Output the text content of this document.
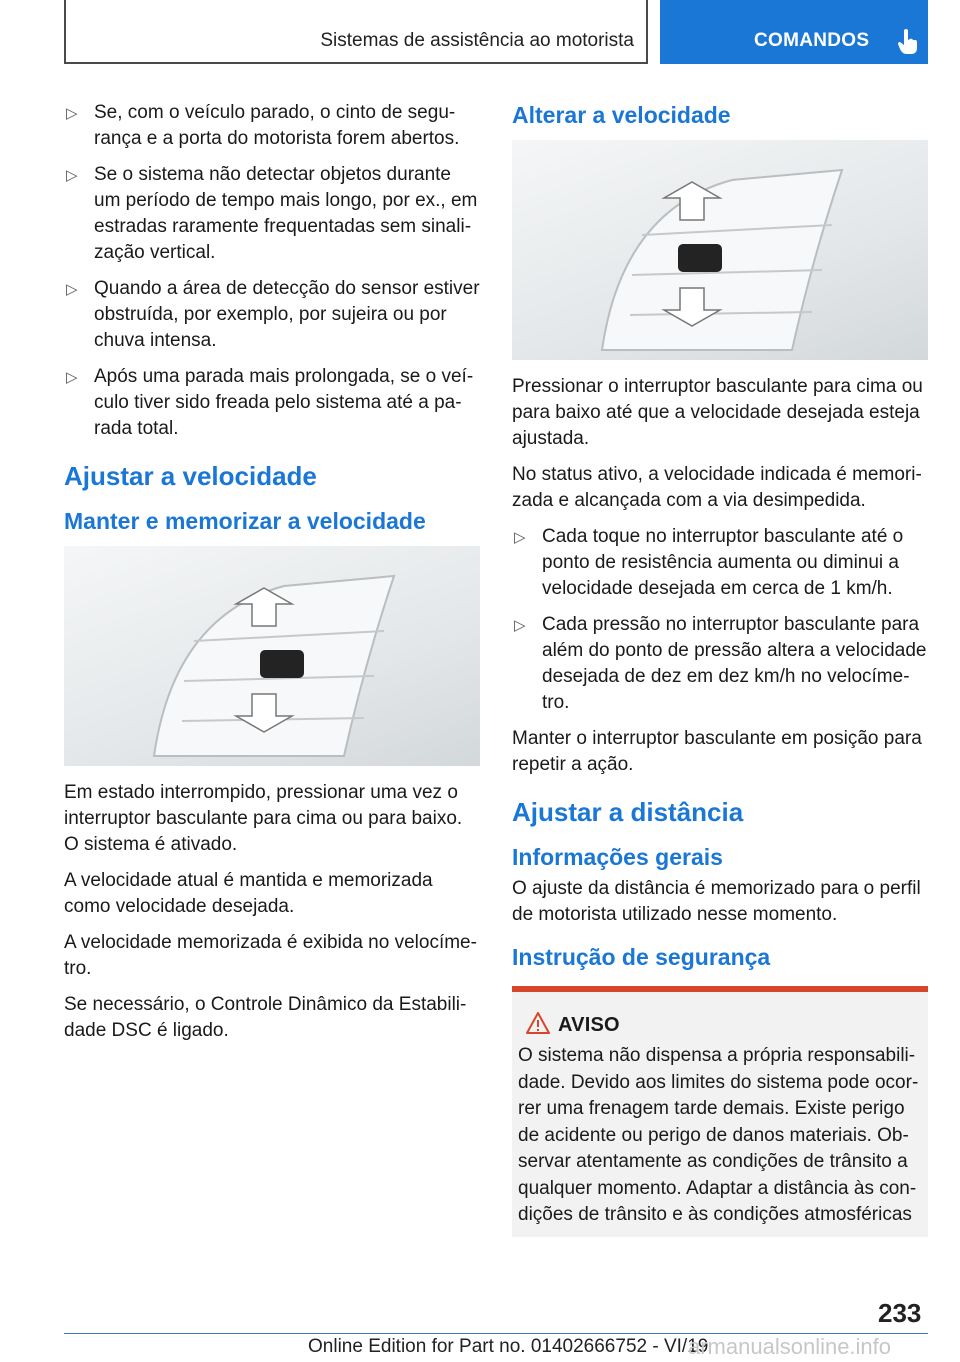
Sistemas de assistência ao motorista	COMANDOS
▷ Se, com o veículo parado, o cinto de segurança e a porta do motorista forem abertos.
▷ Se o sistema não detectar objetos durante um período de tempo mais longo, por ex., em estradas raramente frequentadas sem sinalização vertical.
▷ Quando a área de detecção do sensor estiver obstruída, por exemplo, por sujeira ou por chuva intensa.
▷ Após uma parada mais prolongada, se o veículo tiver sido freada pelo sistema até a parada total.
Ajustar a velocidade
Manter e memorizar a velocidade

Em estado interrompido, pressionar uma vez o interruptor basculante para cima ou para baixo. O sistema é ativado.

A velocidade atual é mantida e memorizada como velocidade desejada.

A velocidade memorizada é exibida no velocímetro.

Se necessário, o Controle Dinâmico da Estabilidade DSC é ligado.

Alterar a velocidade

Pressionar o interruptor basculante para cima ou para baixo até que a velocidade desejada esteja ajustada.

No status ativo, a velocidade indicada é memorizada e alcançada com a via desimpedida.

▷ Cada toque no interruptor basculante até o ponto de resistência aumenta ou diminui a velocidade desejada em cerca de 1 km/h.
▷ Cada pressão no interruptor basculante para além do ponto de pressão altera a velocidade desejada de dez em dez km/h no velocímetro.

Manter o interruptor basculante em posição para repetir a ação.

Ajustar a distância
Informações gerais

O ajuste da distância é memorizado para o perfil de motorista utilizado nesse momento.

Instrução de segurança
AVISO
O sistema não dispensa a própria responsabilidade. Devido aos limites do sistema pode ocorrer uma frenagem tarde demais. Existe perigo de acidente ou perigo de danos materiais. Observar atentamente as condições de trânsito a qualquer momento. Adaptar a distância às condições de trânsito e às condições atmosféricas
233
Online Edition for Part no. 01402666752 - VI/19
armanualsonline.info
